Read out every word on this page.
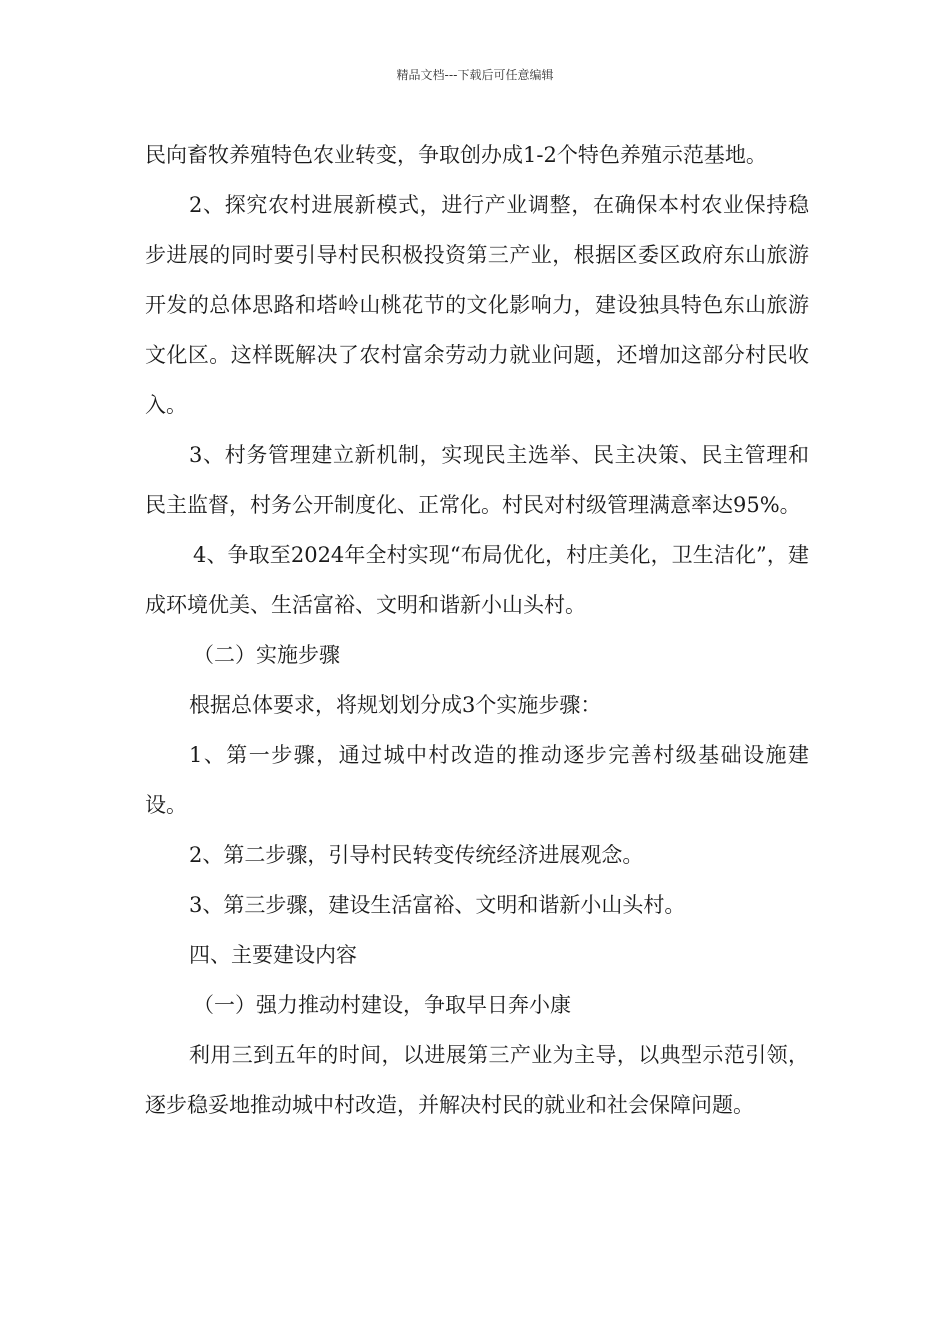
精品文档---下载后可任意编辑

民向畜牧养殖特色农业转变，争取创办成1-2个特色养殖示范基地。

2、探究农村进展新模式，进行产业调整，在确保本村农业保持稳步进展的同时要引导村民积极投资第三产业，根据区委区政府东山旅游开发的总体思路和塔岭山桃花节的文化影响力，建设独具特色东山旅游文化区。这样既解决了农村富余劳动力就业问题，还增加这部分村民收入。

3、村务管理建立新机制，实现民主选举、民主决策、民主管理和民主监督，村务公开制度化、正常化。村民对村级管理满意率达95%。

4、争取至2024年全村实现“布局优化，村庄美化，卫生洁化”，建成环境优美、生活富裕、文明和谐新小山头村。

（二）实施步骤

根据总体要求，将规划划分成3个实施步骤：

1、第一步骤，通过城中村改造的推动逐步完善村级基础设施建设。

2、第二步骤，引导村民转变传统经济进展观念。

3、第三步骤，建设生活富裕、文明和谐新小山头村。

四、主要建设内容

（一）强力推动村建设，争取早日奔小康

利用三到五年的时间，以进展第三产业为主导，以典型示范引领，逐步稳妥地推动城中村改造，并解决村民的就业和社会保障问题。
